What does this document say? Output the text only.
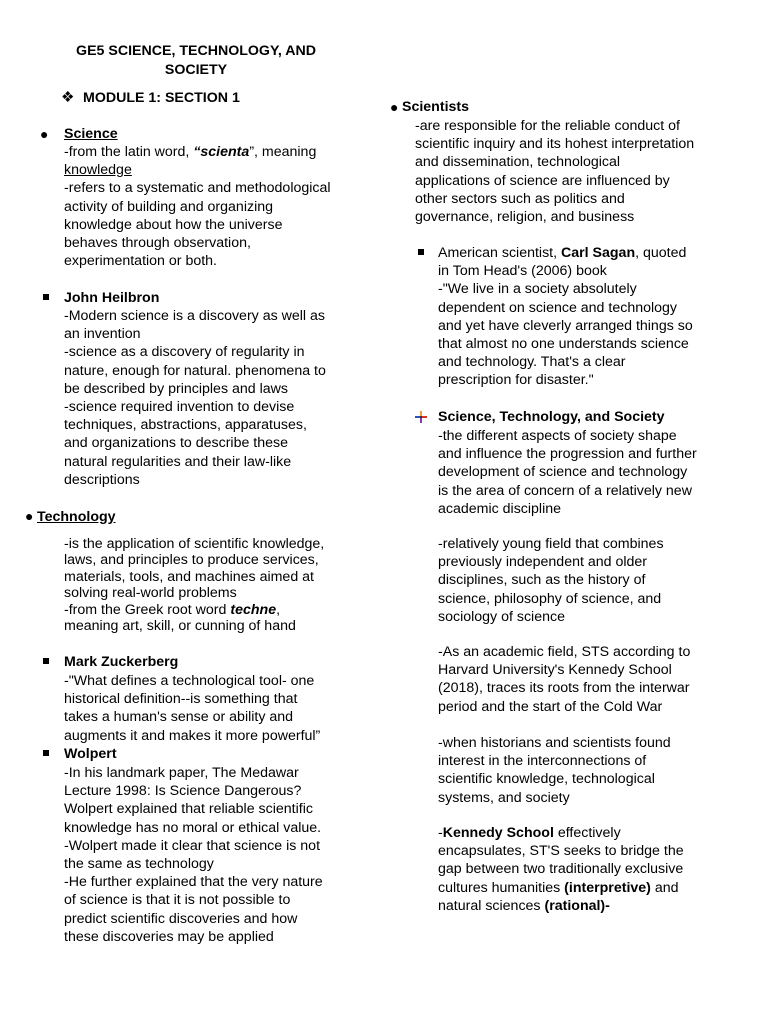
GE5 SCIENCE, TECHNOLOGY, AND
SOCIETY
❖ MODULE 1: SECTION 1
● Science
-from the latin word, “scienta”, meaning
knowledge
-refers to a systematic and methodological
activity of building and organizing
knowledge about how the universe
behaves through observation,
experimentation or both.
John Heilbron
-Modern science is a discovery as well as
an invention
-science as a discovery of regularity in
nature, enough for natural. phenomena to
be described by principles and laws
-science required invention to devise
techniques, abstractions, apparatuses,
and organizations to describe these
natural regularities and their law-like
descriptions
● Technology
-is the application of scientific knowledge,
laws, and principles to produce services,
materials, tools, and machines aimed at
solving real-world problems
-from the Greek root word techne,
meaning art, skill, or cunning of hand
Mark Zuckerberg
-"What defines a technological tool- one
historical definition--is something that
takes a human's sense or ability and
augments it and makes it more powerful”
Wolpert
-In his landmark paper, The Medawar
Lecture 1998: Is Science Dangerous?
Wolpert explained that reliable scientific
knowledge has no moral or ethical value.
-Wolpert made it clear that science is not
the same as technology
-He further explained that the very nature
of science is that it is not possible to
predict scientific discoveries and how
these discoveries may be applied
● Scientists
-are responsible for the reliable conduct of
scientific inquiry and its hohest interpretation
and dissemination, technological
applications of science are influenced by
other sectors such as politics and
governance, religion, and business
American scientist, Carl Sagan, quoted
in Tom Head's (2006) book
-"We live in a society absolutely
dependent on science and technology
and yet have cleverly arranged things so
that almost no one understands science
and technology. That's a clear
prescription for disaster."
Science, Technology, and Society
-the different aspects of society shape
and influence the progression and further
development of science and technology
is the area of concern of a relatively new
academic discipline
-relatively young field that combines
previously independent and older
disciplines, such as the history of
science, philosophy of science, and
sociology of science
-As an academic field, STS according to
Harvard University's Kennedy School
(2018), traces its roots from the interwar
period and the start of the Cold War
-when historians and scientists found
interest in the interconnections of
scientific knowledge, technological
systems, and society
-Kennedy School effectively
encapsulates, ST'S seeks to bridge the
gap between two traditionally exclusive
cultures humanities (interpretive) and
natural sciences (rational)-
